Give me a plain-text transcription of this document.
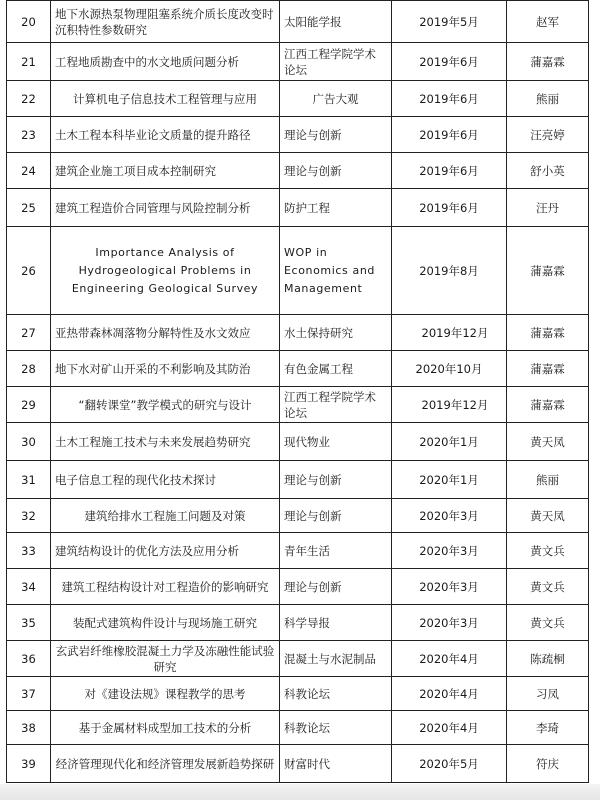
20	地下水源热泵物理阻塞系统介质长度改变时沉积特性参数研究	太阳能学报	2019年5月	赵军
21	工程地质勘查中的水文地质问题分析	江西工程学院学术论坛	2019年6月	蒲嘉霖
22	计算机电子信息技术工程管理与应用	广告大观	2019年6月	熊丽
23	土木工程本科毕业论文质量的提升路径	理论与创新	2019年6月	汪亮婷
24	建筑企业施工项目成本控制研究	理论与创新	2019年6月	舒小英
25	建筑工程造价合同管理与风险控制分析	防护工程	2019年6月	汪丹
26	Importance Analysis of Hydrogeological Problems in Engineering Geological Survey	WOP in Economics and Management	2019年8月	蒲嘉霖
27	亚热带森林凋落物分解特性及水文效应	水土保持研究	2019年12月	蒲嘉霖
28	地下水对矿山开采的不利影响及其防治	有色金属工程	2020年10月	蒲嘉霖
29	“翻转课堂”教学模式的研究与设计	江西工程学院学术论坛	2019年12月	蒲嘉霖
30	土木工程施工技术与未来发展趋势研究	现代物业	2020年1月	黄天凤
31	电子信息工程的现代化技术探讨	理论与创新	2020年1月	熊丽
32	建筑给排水工程施工问题及对策	理论与创新	2020年3月	黄天凤
33	建筑结构设计的优化方法及应用分析	青年生活	2020年3月	黄文兵
34	建筑工程结构设计对工程造价的影响研究	理论与创新	2020年3月	黄文兵
35	装配式建筑构件设计与现场施工研究	科学导报	2020年3月	黄文兵
36	玄武岩纤维橡胶混凝土力学及冻融性能试验研究	混凝土与水泥制品	2020年4月	陈疏桐
37	对《建设法规》课程教学的思考	科教论坛	2020年4月	习凤
38	基于金属材料成型加工技术的分析	科教论坛	2020年4月	李琦
39	经济管理现代化和经济管理发展新趋势探研	财富时代	2020年5月	符庆
